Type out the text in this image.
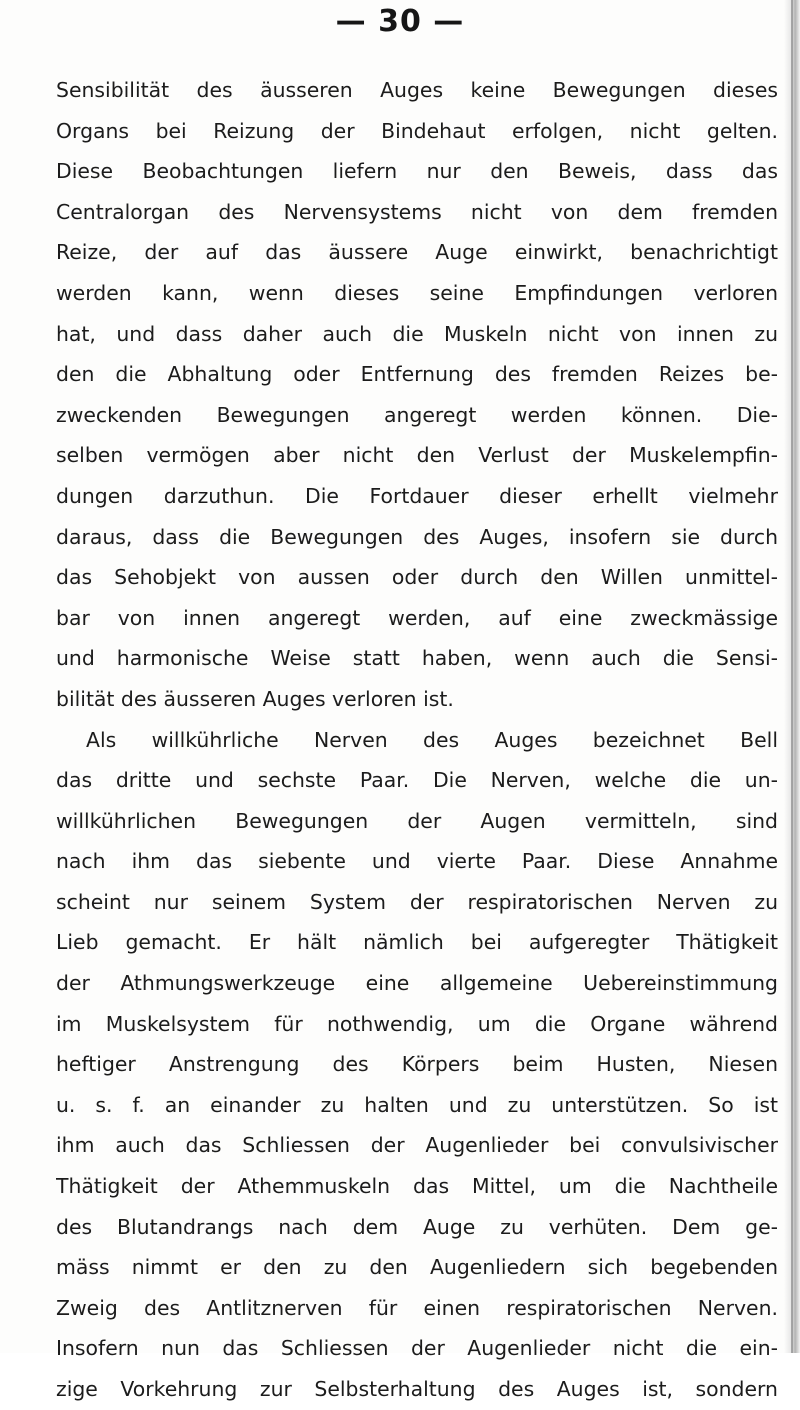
— 30 —
Sensibilität des äusseren Auges keine Bewegungen dieses
Organs bei Reizung der Bindehaut erfolgen, nicht gelten.
Diese Beobachtungen liefern nur den Beweis, dass das
Centralorgan des Nervensystems nicht von dem fremden
Reize, der auf das äussere Auge einwirkt, benachrichtigt
werden kann, wenn dieses seine Empfindungen verloren
hat, und dass daher auch die Muskeln nicht von innen zu
den die Abhaltung oder Entfernung des fremden Reizes be-
zweckenden Bewegungen angeregt werden können. Die-
selben vermögen aber nicht den Verlust der Muskelempfin-
dungen darzuthun. Die Fortdauer dieser erhellt vielmehr
daraus, dass die Bewegungen des Auges, insofern sie durch
das Sehobjekt von aussen oder durch den Willen unmittel-
bar von innen angeregt werden, auf eine zweckmässige
und harmonische Weise statt haben, wenn auch die Sensi-
bilität des äusseren Auges verloren ist.
Als willkührliche Nerven des Auges bezeichnet Bell
das dritte und sechste Paar. Die Nerven, welche die un-
willkührlichen Bewegungen der Augen vermitteln, sind
nach ihm das siebente und vierte Paar. Diese Annahme
scheint nur seinem System der respiratorischen Nerven zu
Lieb gemacht. Er hält nämlich bei aufgeregter Thätigkeit
der Athmungswerkzeuge eine allgemeine Uebereinstimmung
im Muskelsystem für nothwendig, um die Organe während
heftiger Anstrengung des Körpers beim Husten, Niesen
u. s. f. an einander zu halten und zu unterstützen. So ist
ihm auch das Schliessen der Augenlieder bei convulsivischer
Thätigkeit der Athemmuskeln das Mittel, um die Nachtheile
des Blutandrangs nach dem Auge zu verhüten. Dem ge-
mäss nimmt er den zu den Augenliedern sich begebenden
Zweig des Antlitznerven für einen respiratorischen Nerven.
Insofern nun das Schliessen der Augenlieder nicht die ein-
zige Vorkehrung zur Selbsterhaltung des Auges ist, sondern
